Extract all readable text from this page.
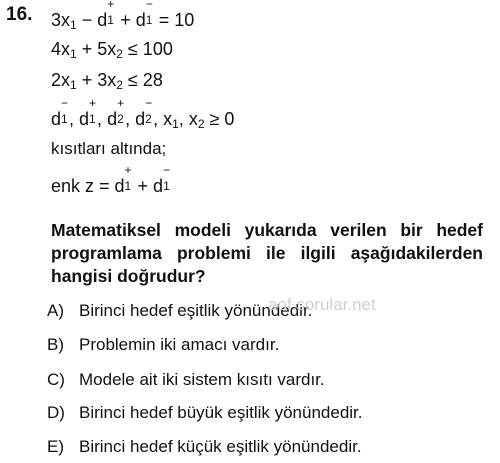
16. $3x_1 - d$
+
1 + d
−
1 = 10
$4x_1 + 5x_2 \le 100$
$2x_1 + 3x_2 \le 28$
d
−
1 , d
+
1 , d
+
2 , d
−
2 , $x_1$, $x_2 \ge 0$
kısıtları altında;
enk z = d
+
1 + d
−
1
Matematiksel modeli yukarıda verilen bir hedef programlama problemi ile ilgili aşağıdakilerden hangisi doğrudur?
A) Birinci hedef eşitlik yönündedir.
B) Problemin iki amacı vardır.
C) Modele ait iki sistem kısıtı vardır.
D) Birinci hedef büyük eşitlik yönündedir.
E) Birinci hedef küçük eşitlik yönündedir.
aof.sorular.net
